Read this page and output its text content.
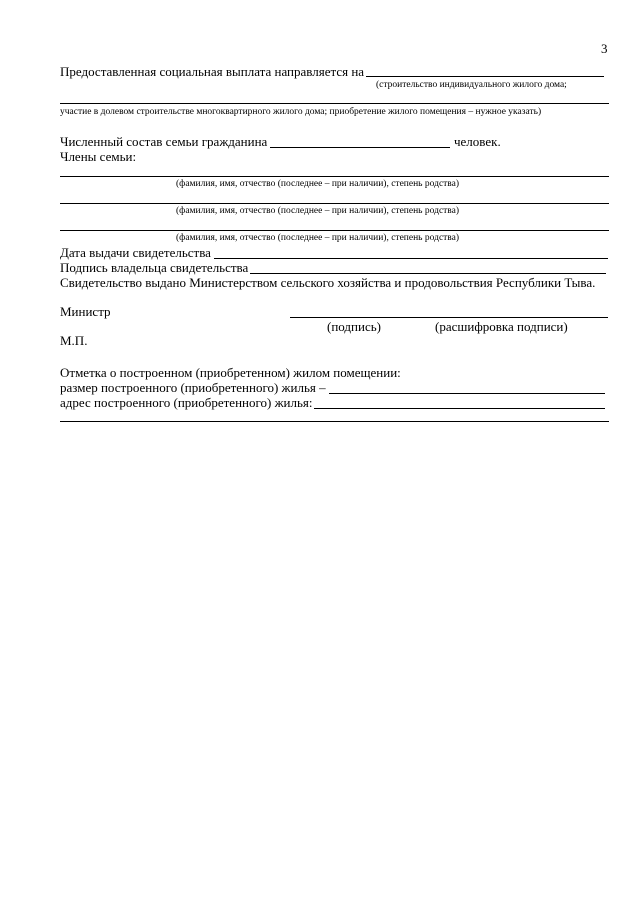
3
Предоставленная социальная выплата направляется на
(строительство индивидуального жилого дома;
участие в долевом строительстве многоквартирного жилого дома; приобретение жилого помещения – нужное указать)
Численный состав семьи гражданина	человек.
Члены семьи:
(фамилия, имя, отчество (последнее – при наличии), степень родства)
(фамилия, имя, отчество (последнее – при наличии), степень родства)
(фамилия, имя, отчество (последнее – при наличии), степень родства)
Дата выдачи свидетельства
Подпись владельца свидетельства
Свидетельство выдано Министерством сельского хозяйства и продовольствия Республики Тыва.
Министр
(подпись)	(расшифровка подписи)
М.П.
Отметка о построенном (приобретенном) жилом помещении:
размер построенного (приобретенного) жилья –
адрес построенного (приобретенного) жилья:
